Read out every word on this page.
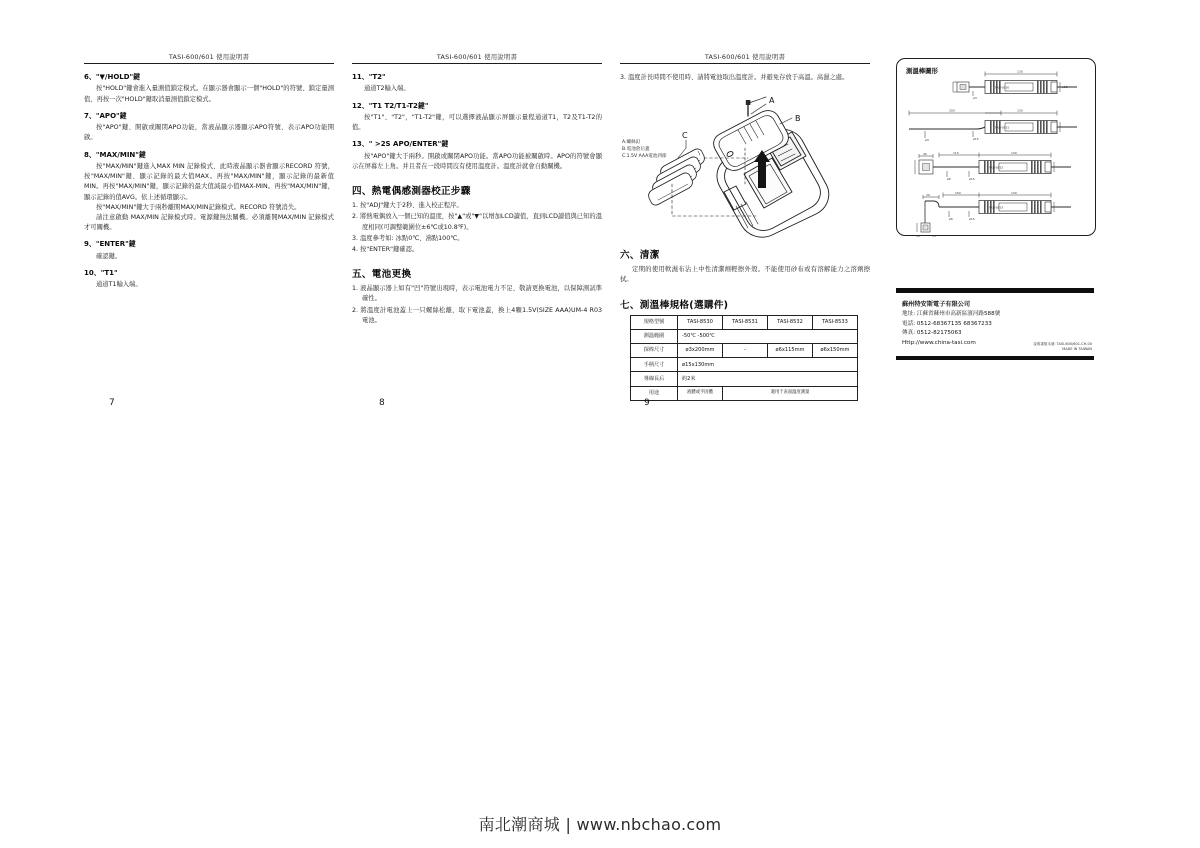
TASI-600/601 使用說明書
6、"▼/HOLD"鍵
按"HOLD"鍵會進入量測值鎖定模式。在顯示器會顯示一個"HOLD"的符號、鎖定量測值，再按一次"HOLD"鍵取消量測值鎖定模式。
7、"APO"鍵
按"APO"鍵、開啟或關閉APO功能，當液晶顯示器顯示APO符號、表示APO功能開啟。
8、"MAX/MIN"鍵
按"MAX/MIN"鍵進入MAX MIN 記錄模式、此時液晶顯示器會顯示RECORD 符號，按"MAX/MIN"鍵、顯示記錄的最大值MAX。再按"MAX/MIN"鍵，顯示記錄的最新值MIN。再按"MAX/MIN"鍵，顯示記錄的最大值減最小值MAX-MIN。再按"MAX/MIN"鍵，顯示記錄的值AVG。依上述循環顯示。
按"MAX/MIN"鍵大于兩秒離開MAX/MIN記錄模式。RECORD 符號消失。
請注意啟動 MAX/MIN 記錄模式時。電源鍵無法關機。必須離開MAX/MIN 記錄模式才可關機。
9、"ENTER"鍵
確認鍵。
10、"T1"
通道T1輸入端。
TASI-600/601 使用說明書
11、"T2"
通道T2輸入端。
12、"T1 T2/T1-T2鍵"
按"T1"、"T2"，"T1-T2"鍵，可以選擇液晶顯示屏顯示量程通道T1，T2及T1-T2的值。
13、" >2S APO/ENTER"鍵
按"APO"鍵大于兩秒。開啟或關閉APO功能。當APO功能被關啟時。APO的符號會顯示在屏幕左上角。并且者在一段時間沒有使用溫度計。溫度計就會自動關機。
四、熱電偶感測器校正步驟
1. 按"ADJ"鍵大于2秒、進入校正程序。
2. 將熱電偶放入一個已知的溫度，按"▲"或"▼"以增加LCD讀值，直到LCD讀值與已知的溫度相同(可調整範圍位±6℃或10.8℉)。
3. 溫度參考如: 冰點0℃、沸點100℃。
4. 按"ENTER"鍵確認。
五、電池更換
1. 液晶顯示器上如有"凹"符號出現時，表示電池電力不足、敬請更換電池，以保障測試準確性。
2. 將溫度計電池蓋上一只螺絲松離，取下電池蓋，換上4顆1.5V(SIZE AAA)UM-4 R03 電池。
TASI-600/601 使用說明書
3. 溫度計長時間不使用時、請將電池取出溫度計。并避免存放于高溫。高濕之處。
A.螺絲釘
B.電池倉后蓋
C.1.5V AAA電池四節
A
B
C
六、清潔
定期的使用軟濕布沾上中性清潔劑輕擦外殼。不能使用砂布或有溶解能力之溶劑擦拭。
七、測溫棒規格(選購件)
規格型號	TASI-8530	TASI-8531	TASI-8532	TASI-8533
測溫範圍	-50℃ -500℃			
探棒尺寸	ø3x200mm	-	ø6x115mm	ø6x150mm
手柄尺寸	ø15x130mm			
導線長后	約2米			
用途	液體或半固體	適用于表面溫度測量		
7	8	9
測溫棒圖形	130
ø3
TASI-8530	ø15
200	130
ø3
TASI-8531
ø15
40	115
ø6
130
TASI-8532
ø15
30	15
20	150
ø6
130
TASI-8533
ø15
蘇州特安斯電子有限公司
地址: 江蘇省蘇州市高新區濱河路588號
電話: 0512-68367135 68367233
傳真: 0512-82175063
Http://www.china-tasi.com	說明書版本號: TASI-600/601-CH-00
MADE IN TAIWAN
南北潮商城 | www.nbchao.com
